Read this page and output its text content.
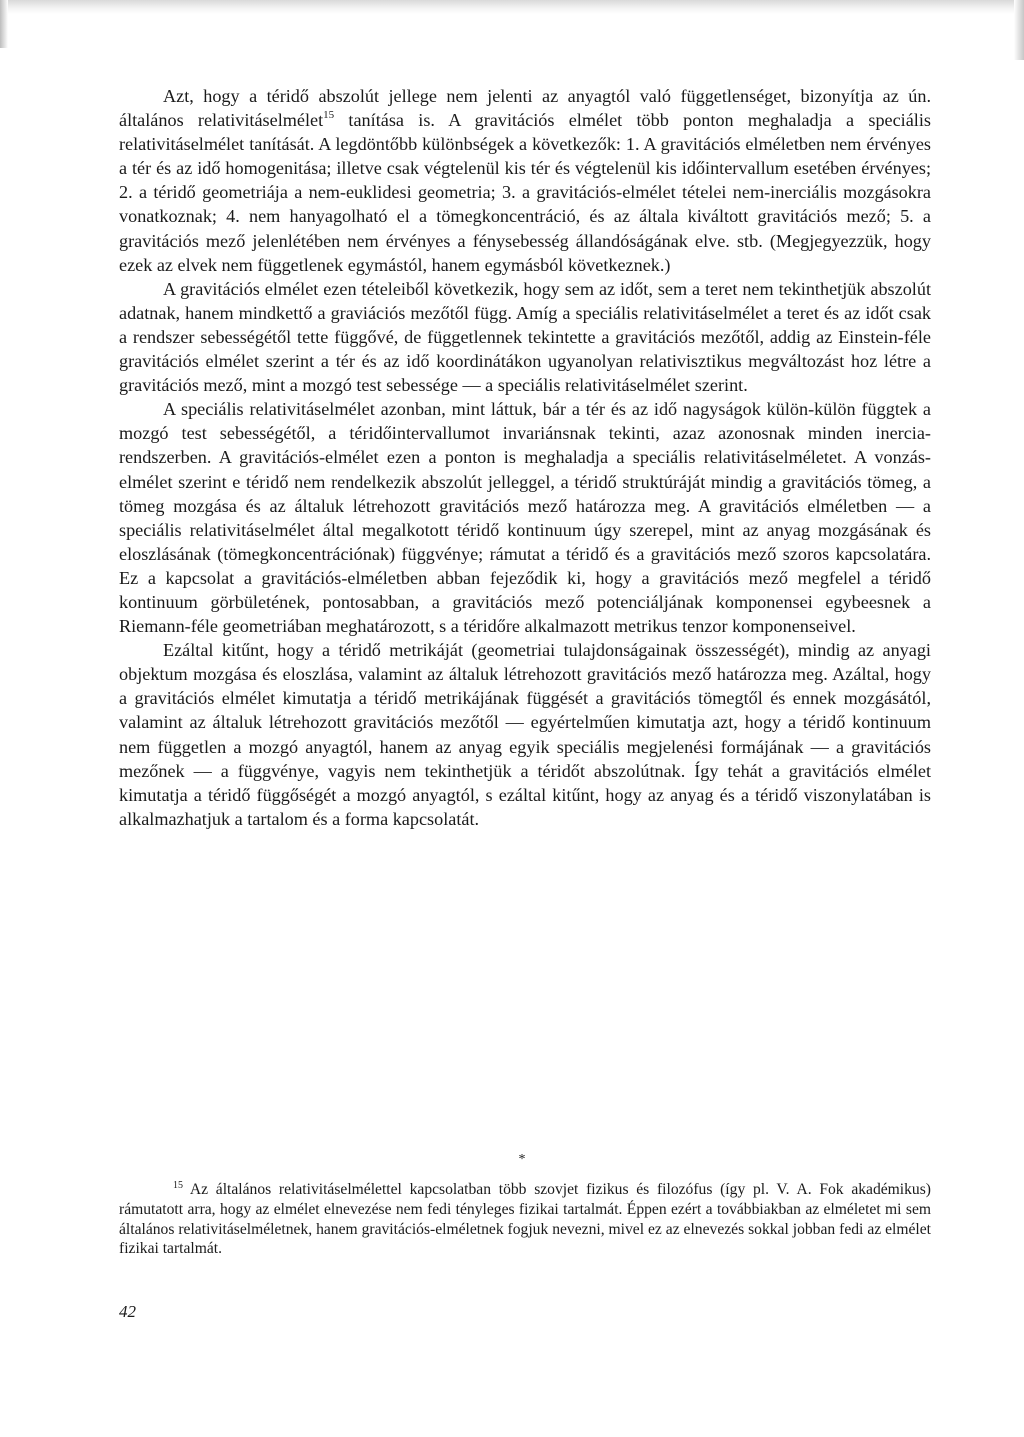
Azt, hogy a téridő abszolút jellege nem jelenti az anyagtól való függetlenséget, bizonyítja az ún. általános relativitáselmélet$^{15}$ tanítása is. A gravitációs elmélet több ponton meghaladja a speciális relativitáselmélet tanítását. A legdöntőbb különbségek a következők: 1. A gravitációs elméletben nem érvényes a tér és az idő homogenitása; illetve csak végtelenül kis tér és végtelenül kis időintervallum esetében érvényes; 2. a téridő geometriája a nem-euklidesi geometria; 3. a gravitációs-elmélet tételei nem-inerciális mozgásokra vonatkoznak; 4. nem hanyagolható el a tömegkoncentráció, és az általa kiváltott gravitációs mező; 5. a gravitációs mező jelenlétében nem érvényes a fénysebesség állandóságának elve. stb. (Megjegyezzük, hogy ezek az elvek nem függetlenek egymástól, hanem egymásból következnek.)

A gravitációs elmélet ezen tételeiből következik, hogy sem az időt, sem a teret nem tekinthetjük abszolút adatnak, hanem mindkettő a graviációs mezőtől függ. Amíg a speciális relativitáselmélet a teret és az időt csak a rendszer sebességétől tette függővé, de függetlennek tekintette a gravitációs mezőtől, addig az Einstein-féle gravitációs elmélet szerint a tér és az idő koordinátákon ugyanolyan relativisztikus megváltozást hoz létre a gravitációs mező, mint a mozgó test sebessége — a speciális relativitáselmélet szerint.

A speciális relativitáselmélet azonban, mint láttuk, bár a tér és az idő nagyságok külön-külön függtek a mozgó test sebességétől, a téridőintervallumot invariánsnak tekinti, azaz azonosnak minden inercia-rendszerben. A gravitációs-elmélet ezen a ponton is meghaladja a speciális relativitáselméletet. A vonzás-elmélet szerint e téridő nem rendelkezik abszolút jelleggel, a téridő struktúráját mindig a gravitációs tömeg, a tömeg mozgása és az általuk létrehozott gravitációs mező határozza meg. A gravitációs elméletben — a speciális relativitáselmélet által megalkotott téridő kontinuum úgy szerepel, mint az anyag mozgásának és eloszlásának (tömegkoncentrációnak) függvénye; rámutat a téridő és a gravitációs mező szoros kapcsolatára. Ez a kapcsolat a gravitációs-elméletben abban fejeződik ki, hogy a gravitációs mező megfelel a téridő kontinuum görbületének, pontosabban, a gravitációs mező potenciáljának komponensei egybeesnek a Riemann-féle geometriában meghatározott, s a téridőre alkalmazott metrikus tenzor komponenseivel.

Ezáltal kitűnt, hogy a téridő metrikáját (geometriai tulajdonságainak összességét), mindig az anyagi objektum mozgása és eloszlása, valamint az általuk létrehozott gravitációs mező határozza meg. Azáltal, hogy a gravitációs elmélet kimutatja a téridő metrikájának függését a gravitációs tömegtől és ennek mozgásától, valamint az általuk létrehozott gravitációs mezőtől — egyértelműen kimutatja azt, hogy a téridő kontinuum nem független a mozgó anyagtól, hanem az anyag egyik speciális megjelenési formájának — a gravitációs mezőnek — a függvénye, vagyis nem tekinthetjük a téridőt abszolútnak. Így tehát a gravitációs elmélet kimutatja a téridő függőségét a mozgó anyagtól, s ezáltal kitűnt, hogy az anyag és a téridő viszonylatában is alkalmazhatjuk a tartalom és a forma kapcsolatát.

*

$^{15}$ Az általános relativitáselmélettel kapcsolatban több szovjet fizikus és filozófus (így pl. V. A. Fok akadémikus) rámutatott arra, hogy az elmélet elnevezése nem fedi tényleges fizikai tartalmát. Éppen ezért a továbbiakban az elméletet mi sem általános relativitáselméletnek, hanem gravitációs-elméletnek fogjuk nevezni, mivel ez az elnevezés sokkal jobban fedi az elmélet fizikai tartalmát.

42
